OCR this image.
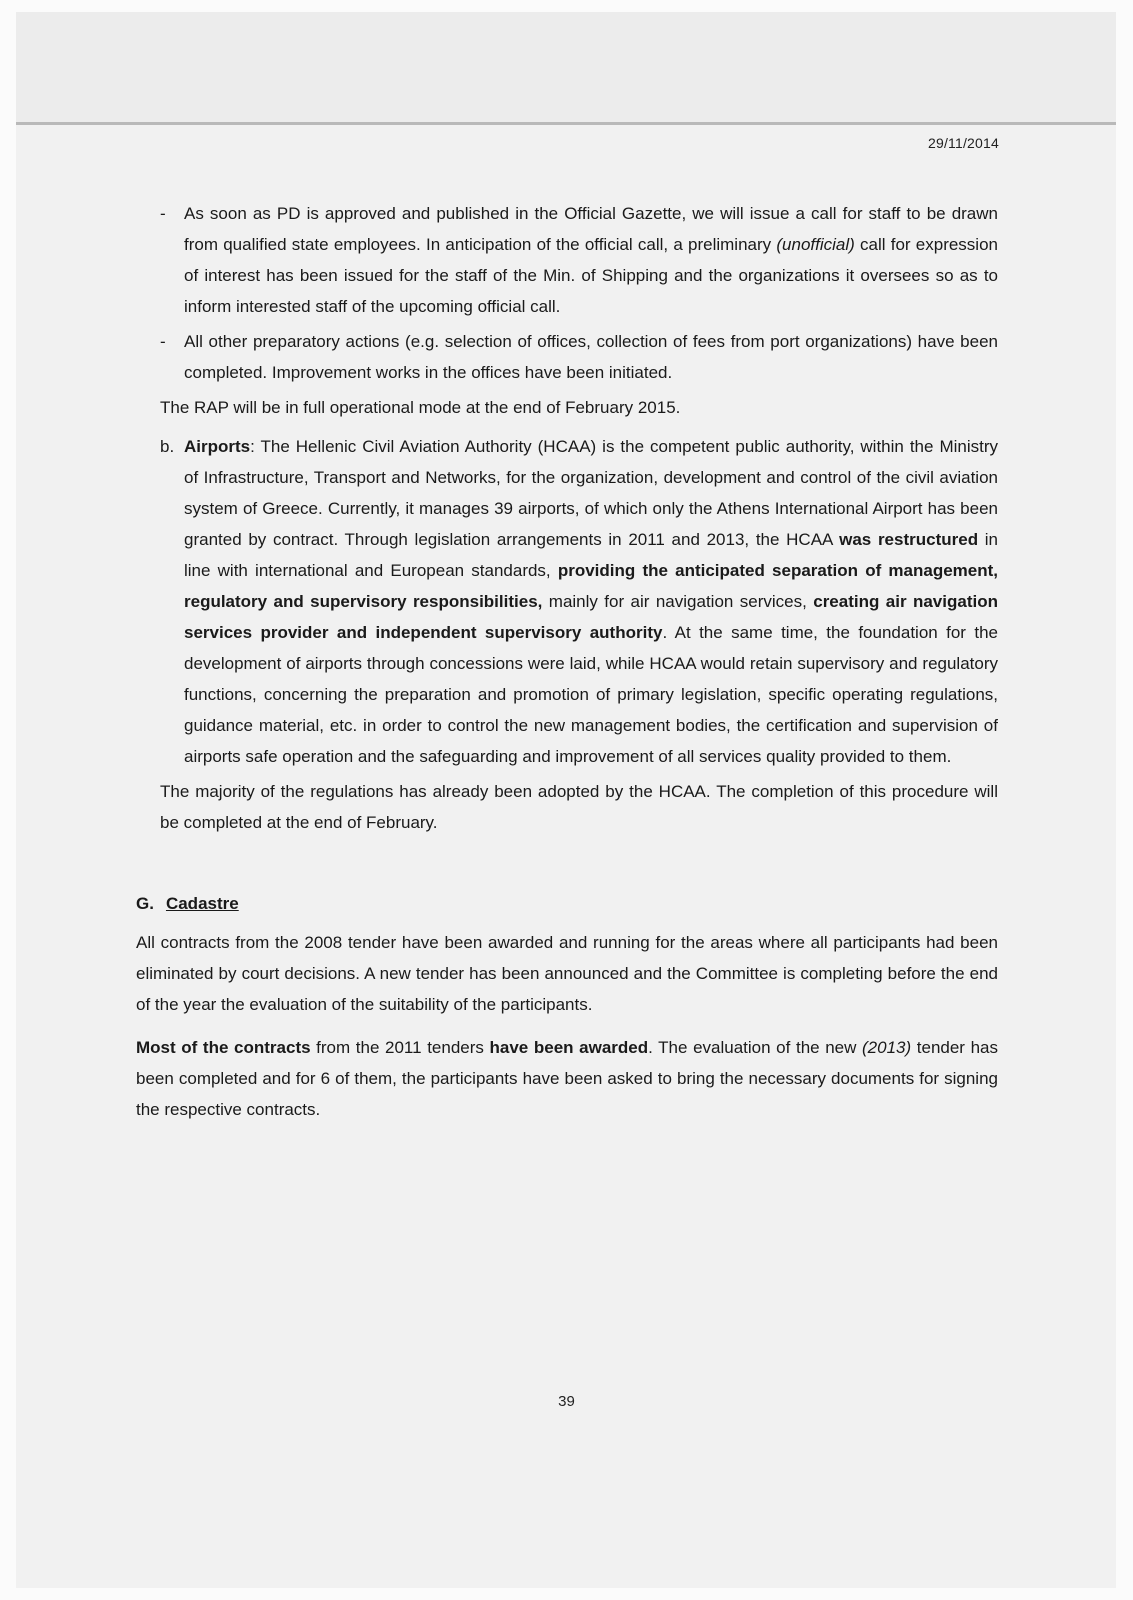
29/11/2014
- As soon as PD is approved and published in the Official Gazette, we will issue a call for staff to be drawn from qualified state employees. In anticipation of the official call, a preliminary (unofficial) call for expression of interest has been issued for the staff of the Min. of Shipping and the organizations it oversees so as to inform interested staff of the upcoming official call.
- All other preparatory actions (e.g. selection of offices, collection of fees from port organizations) have been completed. Improvement works in the offices have been initiated.

The RAP will be in full operational mode at the end of February 2015.

b. Airports: The Hellenic Civil Aviation Authority (HCAA) is the competent public authority, within the Ministry of Infrastructure, Transport and Networks, for the organization, development and control of the civil aviation system of Greece. Currently, it manages 39 airports, of which only the Athens International Airport has been granted by contract. Through legislation arrangements in 2011 and 2013, the HCAA was restructured in line with international and European standards, providing the anticipated separation of management, regulatory and supervisory responsibilities, mainly for air navigation services, creating air navigation services provider and independent supervisory authority. At the same time, the foundation for the development of airports through concessions were laid, while HCAA would retain supervisory and regulatory functions, concerning the preparation and promotion of primary legislation, specific operating regulations, guidance material, etc. in order to control the new management bodies, the certification and supervision of airports safe operation and the safeguarding and improvement of all services quality provided to them.

The majority of the regulations has already been adopted by the HCAA. The completion of this procedure will be completed at the end of February.

G. Cadastre

All contracts from the 2008 tender have been awarded and running for the areas where all participants had been eliminated by court decisions. A new tender has been announced and the Committee is completing before the end of the year the evaluation of the suitability of the participants.

Most of the contracts from the 2011 tenders have been awarded. The evaluation of the new (2013) tender has been completed and for 6 of them, the participants have been asked to bring the necessary documents for signing the respective contracts.

39
